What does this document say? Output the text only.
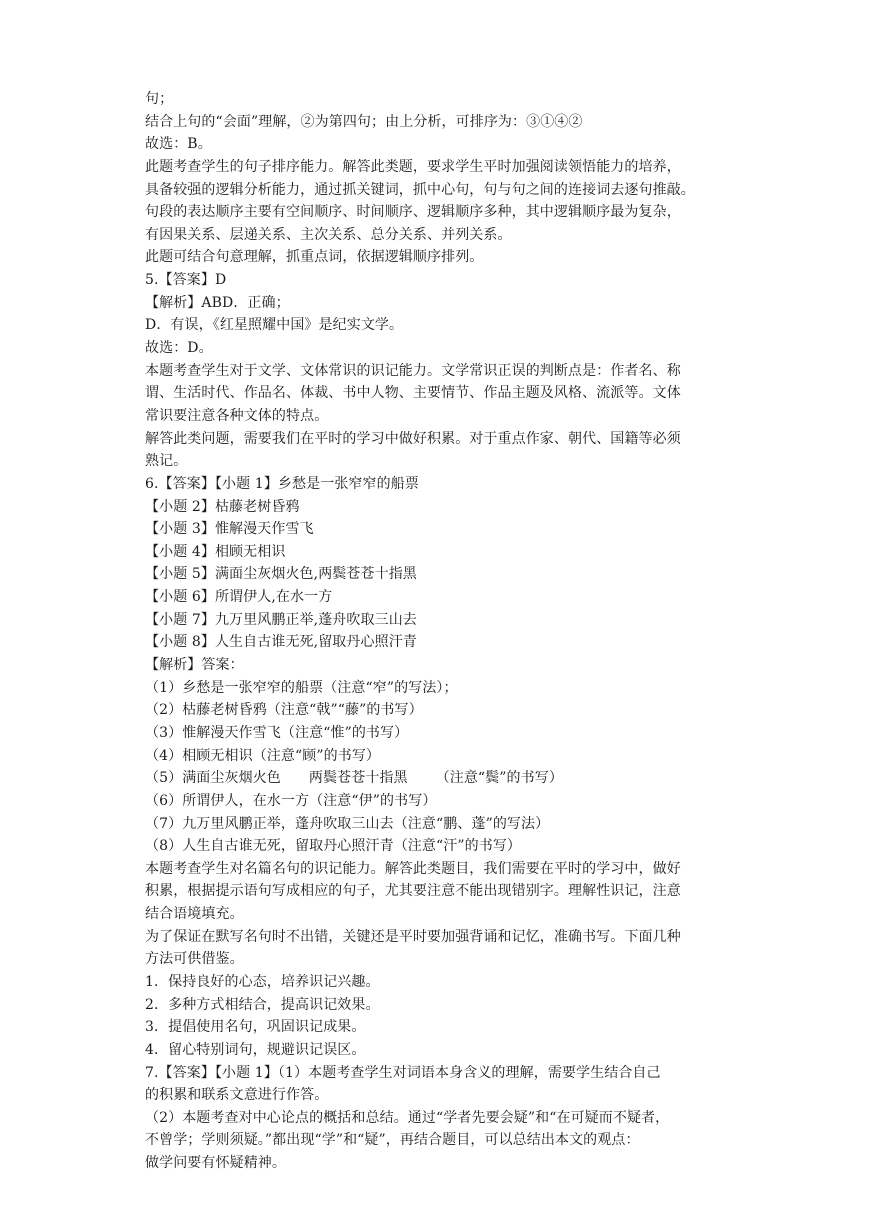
句；
结合上句的“会面”理解，②为第四句；由上分析，可排序为：③①④②
故选：B。
此题考查学生的句子排序能力。解答此类题，要求学生平时加强阅读领悟能力的培养，
具备较强的逻辑分析能力，通过抓关键词，抓中心句，句与句之间的连接词去逐句推敲。
句段的表达顺序主要有空间顺序、时间顺序、逻辑顺序多种，其中逻辑顺序最为复杂，
有因果关系、层递关系、主次关系、总分关系、并列关系。
此题可结合句意理解，抓重点词，依据逻辑顺序排列。
5.【答案】D
【解析】ABD．正确；
D．有误，《红星照耀中国》是纪实文学。
故选：D。
本题考查学生对于文学、文体常识的识记能力。文学常识正误的判断点是：作者名、称
谓、生活时代、作品名、体裁、书中人物、主要情节、作品主题及风格、流派等。文体
常识要注意各种文体的特点。
解答此类问题，需要我们在平时的学习中做好积累。对于重点作家、朝代、国籍等必须
熟记。
6.【答案】【小题 1】乡愁是一张窄窄的船票
【小题 2】枯藤老树昏鸦
【小题 3】惟解漫天作雪飞
【小题 4】相顾无相识
【小题 5】满面尘灰烟火色,两鬓苍苍十指黑
【小题 6】所谓伊人,在水一方
【小题 7】九万里风鹏正举,蓬舟吹取三山去
【小题 8】人生自古谁无死,留取丹心照汗青
【解析】答案：
（1）乡愁是一张窄窄的船票（注意“窄”的写法）；
（2）枯藤老树昏鸦（注意“戟”“藤”的书写）
（3）惟解漫天作雪飞（注意“惟”的书写）
（4）相顾无相识（注意“顾”的书写）
（5）满面尘灰烟火色 两鬓苍苍十指黑 （注意“鬓”的书写）
（6）所谓伊人，在水一方（注意“伊”的书写）
（7）九万里风鹏正举，蓬舟吹取三山去（注意“鹏、蓬”的写法）
（8）人生自古谁无死，留取丹心照汗青（注意“汗”的书写）
本题考查学生对名篇名句的识记能力。解答此类题目，我们需要在平时的学习中，做好
积累，根据提示语句写成相应的句子，尤其要注意不能出现错别字。理解性识记，注意
结合语境填充。
为了保证在默写名句时不出错，关键还是平时要加强背诵和记忆，准确书写。下面几种
方法可供借鉴。
1．保持良好的心态，培养识记兴趣。
2．多种方式相结合，提高识记效果。
3．提倡使用名句，巩固识记成果。
4．留心特别词句，规避识记误区。
7.【答案】【小题 1】（1）本题考查学生对词语本身含义的理解，需要学生结合自己
的积累和联系文意进行作答。
（2）本题考查对中心论点的概括和总结。通过“学者先要会疑”和“在可疑而不疑者，
不曾学；学则须疑。”都出现“学”和“疑”，再结合题目，可以总结出本文的观点：
做学问要有怀疑精神。
